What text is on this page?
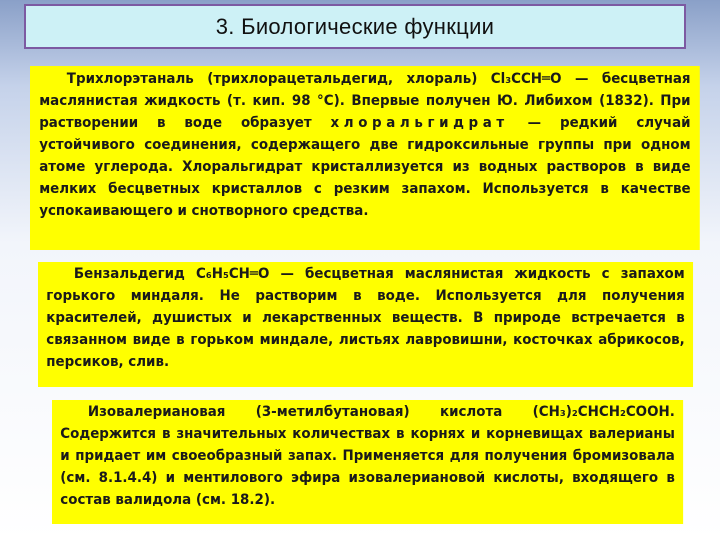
3. Биологические функции

Трихлорэтаналь (трихлорацетальдегид, хлораль) Cl₃CCH═O — бесцветная маслянистая жидкость (т. кип. 98 °C). Впервые получен Ю. Либихом (1832). При растворении в воде образует хлоральгидрат — редкий случай устойчивого соединения, содержащего две гидроксильные группы при одном атоме углерода. Хлоральгидрат кристаллизуется из водных растворов в виде мелких бесцветных кристаллов с резким запахом. Используется в качестве успокаивающего и снотворного средства.

Бензальдегид C₆H₅CH═O — бесцветная маслянистая жидкость с запахом горького миндаля. Не растворим в воде. Используется для получения красителей, душистых и лекарственных веществ. В природе встречается в связанном виде в горьком миндале, листьях лавровишни, косточках абрикосов, персиков, слив.

Изовалериановая (3-метилбутановая) кислота (CH₃)₂CHCH₂COOH. Содержится в значительных количествах в корнях и корневищах валерианы и придает им своеобразный запах. Применяется для получения бромизовала (см. 8.1.4.4) и ментилового эфира изовалериановой кислоты, входящего в состав валидола (см. 18.2).
